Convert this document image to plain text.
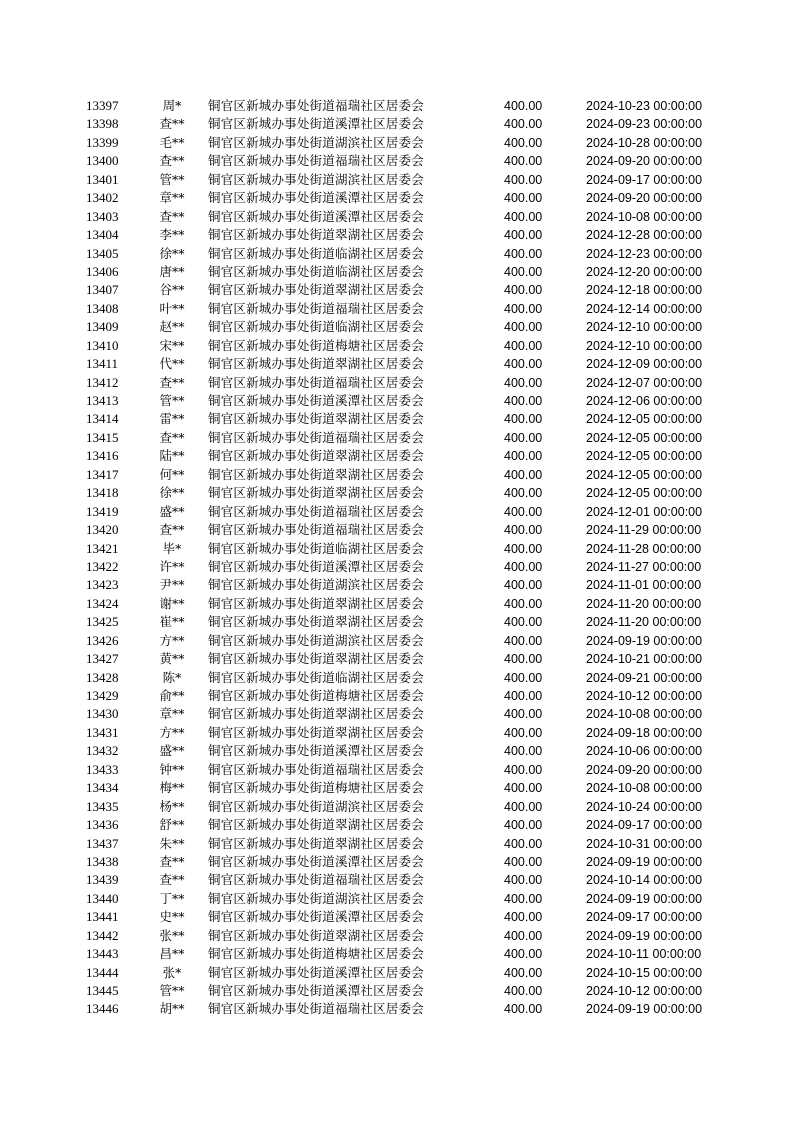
13397	周*	铜官区新城办事处街道福瑞社区居委会	400.00	2024-10-23 00:00:00
13398	查**	铜官区新城办事处街道溪潭社区居委会	400.00	2024-09-23 00:00:00
13399	毛**	铜官区新城办事处街道湖滨社区居委会	400.00	2024-10-28 00:00:00
13400	查**	铜官区新城办事处街道福瑞社区居委会	400.00	2024-09-20 00:00:00
13401	管**	铜官区新城办事处街道湖滨社区居委会	400.00	2024-09-17 00:00:00
13402	章**	铜官区新城办事处街道溪潭社区居委会	400.00	2024-09-20 00:00:00
13403	查**	铜官区新城办事处街道溪潭社区居委会	400.00	2024-10-08 00:00:00
13404	李**	铜官区新城办事处街道翠湖社区居委会	400.00	2024-12-28 00:00:00
13405	徐**	铜官区新城办事处街道临湖社区居委会	400.00	2024-12-23 00:00:00
13406	唐**	铜官区新城办事处街道临湖社区居委会	400.00	2024-12-20 00:00:00
13407	谷**	铜官区新城办事处街道翠湖社区居委会	400.00	2024-12-18 00:00:00
13408	叶**	铜官区新城办事处街道福瑞社区居委会	400.00	2024-12-14 00:00:00
13409	赵**	铜官区新城办事处街道临湖社区居委会	400.00	2024-12-10 00:00:00
13410	宋**	铜官区新城办事处街道梅塘社区居委会	400.00	2024-12-10 00:00:00
13411	代**	铜官区新城办事处街道翠湖社区居委会	400.00	2024-12-09 00:00:00
13412	查**	铜官区新城办事处街道福瑞社区居委会	400.00	2024-12-07 00:00:00
13413	管**	铜官区新城办事处街道溪潭社区居委会	400.00	2024-12-06 00:00:00
13414	雷**	铜官区新城办事处街道翠湖社区居委会	400.00	2024-12-05 00:00:00
13415	查**	铜官区新城办事处街道福瑞社区居委会	400.00	2024-12-05 00:00:00
13416	陆**	铜官区新城办事处街道翠湖社区居委会	400.00	2024-12-05 00:00:00
13417	何**	铜官区新城办事处街道翠湖社区居委会	400.00	2024-12-05 00:00:00
13418	徐**	铜官区新城办事处街道翠湖社区居委会	400.00	2024-12-05 00:00:00
13419	盛**	铜官区新城办事处街道福瑞社区居委会	400.00	2024-12-01 00:00:00
13420	查**	铜官区新城办事处街道福瑞社区居委会	400.00	2024-11-29 00:00:00
13421	毕*	铜官区新城办事处街道临湖社区居委会	400.00	2024-11-28 00:00:00
13422	许**	铜官区新城办事处街道溪潭社区居委会	400.00	2024-11-27 00:00:00
13423	尹**	铜官区新城办事处街道湖滨社区居委会	400.00	2024-11-01 00:00:00
13424	谢**	铜官区新城办事处街道翠湖社区居委会	400.00	2024-11-20 00:00:00
13425	崔**	铜官区新城办事处街道翠湖社区居委会	400.00	2024-11-20 00:00:00
13426	方**	铜官区新城办事处街道湖滨社区居委会	400.00	2024-09-19 00:00:00
13427	黄**	铜官区新城办事处街道翠湖社区居委会	400.00	2024-10-21 00:00:00
13428	陈*	铜官区新城办事处街道临湖社区居委会	400.00	2024-09-21 00:00:00
13429	俞**	铜官区新城办事处街道梅塘社区居委会	400.00	2024-10-12 00:00:00
13430	章**	铜官区新城办事处街道翠湖社区居委会	400.00	2024-10-08 00:00:00
13431	方**	铜官区新城办事处街道翠湖社区居委会	400.00	2024-09-18 00:00:00
13432	盛**	铜官区新城办事处街道溪潭社区居委会	400.00	2024-10-06 00:00:00
13433	钟**	铜官区新城办事处街道福瑞社区居委会	400.00	2024-09-20 00:00:00
13434	梅**	铜官区新城办事处街道梅塘社区居委会	400.00	2024-10-08 00:00:00
13435	杨**	铜官区新城办事处街道湖滨社区居委会	400.00	2024-10-24 00:00:00
13436	舒**	铜官区新城办事处街道翠湖社区居委会	400.00	2024-09-17 00:00:00
13437	朱**	铜官区新城办事处街道翠湖社区居委会	400.00	2024-10-31 00:00:00
13438	查**	铜官区新城办事处街道溪潭社区居委会	400.00	2024-09-19 00:00:00
13439	查**	铜官区新城办事处街道福瑞社区居委会	400.00	2024-10-14 00:00:00
13440	丁**	铜官区新城办事处街道湖滨社区居委会	400.00	2024-09-19 00:00:00
13441	史**	铜官区新城办事处街道溪潭社区居委会	400.00	2024-09-17 00:00:00
13442	张**	铜官区新城办事处街道翠湖社区居委会	400.00	2024-09-19 00:00:00
13443	昌**	铜官区新城办事处街道梅塘社区居委会	400.00	2024-10-11 00:00:00
13444	张*	铜官区新城办事处街道溪潭社区居委会	400.00	2024-10-15 00:00:00
13445	管**	铜官区新城办事处街道溪潭社区居委会	400.00	2024-10-12 00:00:00
13446	胡**	铜官区新城办事处街道福瑞社区居委会	400.00	2024-09-19 00:00:00
